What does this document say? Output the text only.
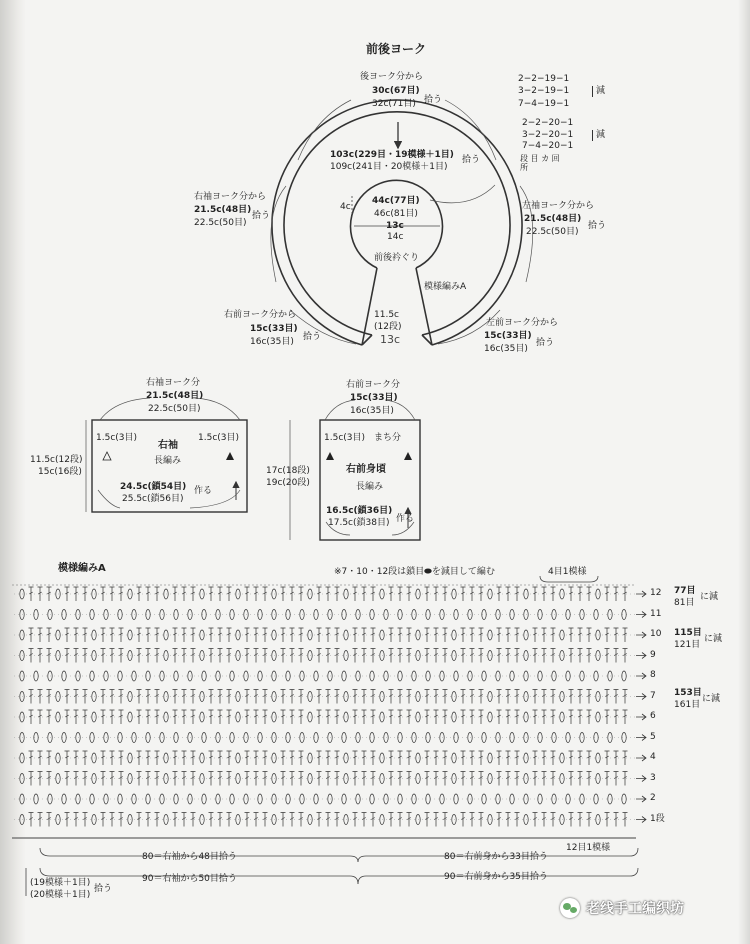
前後ヨーク
後ヨーク分から
30c(67目)
32c(71目) 拾う
2−2−19−1
3−2−19−1
7−4−19−1
減
2−2−20−1
3−2−20−1
7−4−20−1
減
段 目 カ 回
所
103c(229目・19模様＋1目)
109c(241目・20模様＋1目)
拾う
44c(77目)
46c(81目)
4c
13c
14c
前後衿ぐり
模様編みA
右袖ヨーク分から
21.5c(48目)
22.5c(50目)
拾う
左袖ヨーク分から
21.5c(48目)
22.5c(50目)
拾う
右前ヨーク分から
15c(33目)
16c(35目) 拾う
左前ヨーク分から
15c(33目)
16c(35目)
拾う
11.5c
(12段)
13c
右袖ヨーク分
21.5c(48目)
22.5c(50目)
11.5c(12段)
15c(16段)
1.5c(3目)	1.5c(3目)
右袖
長編み
24.5c(鎖54目)
25.5c(鎖56目)
作る
右前ヨーク分
15c(33目)
16c(35目)
17c(18段)
19c(20段)
1.5c(3目) まち分
右前身頃
長編み
16.5c(鎖36目)
17.5c(鎖38目) 作る
模様編みA	※7・10・12段は鎖目⬬を減目して編む	4目1模様
12
11
10
9
8
7
6
5
4
3
2
1段
77目
81目
に減
115目
121目
に減
153目
161目
に減
12目1模様
80＝右袖から48目拾う	80＝右前身から33目拾う
90＝右袖から50目拾う	90＝右前身から35目拾う
(19模様＋1目)
(20模様＋1目)
拾う
老线手工编织坊
